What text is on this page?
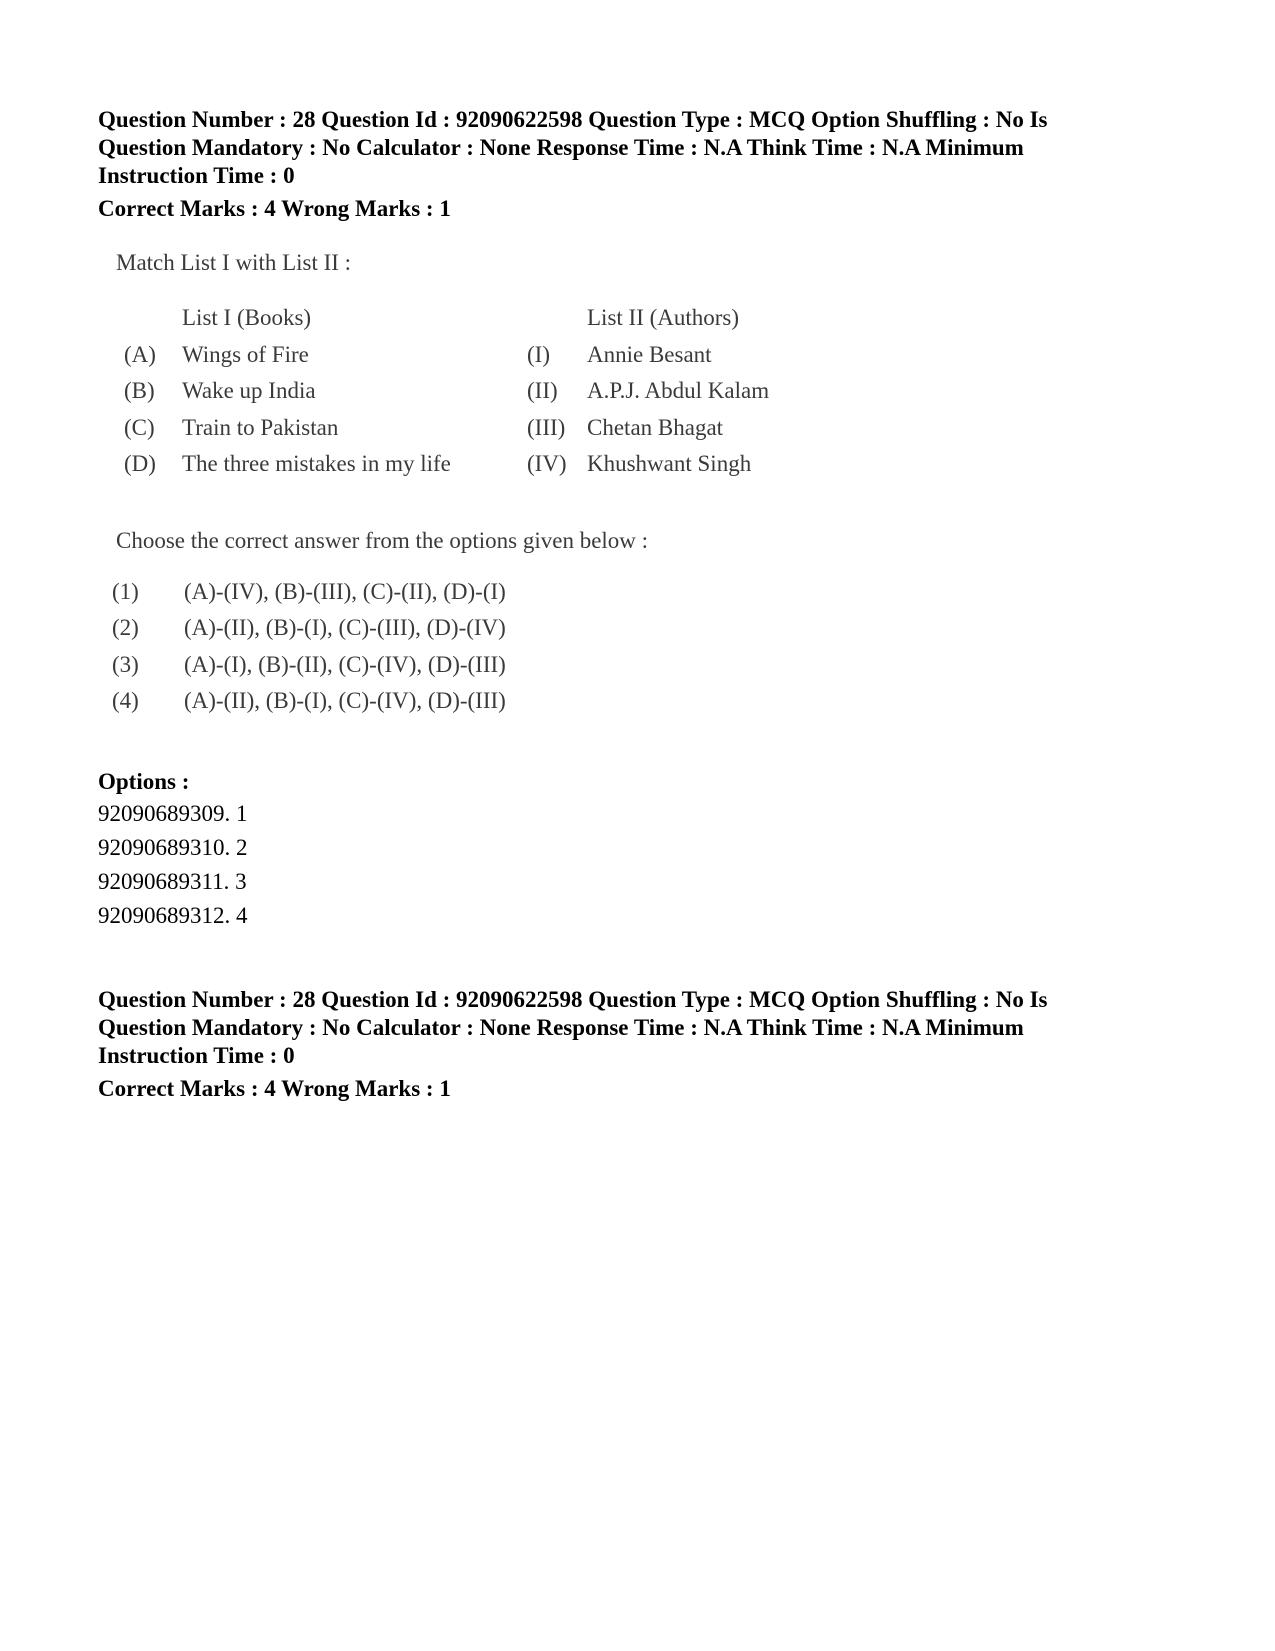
Question Number : 28 Question Id : 92090622598 Question Type : MCQ Option Shuffling : No Is
Question Mandatory : No Calculator : None Response Time : N.A Think Time : N.A Minimum
Instruction Time : 0
Correct Marks : 4 Wrong Marks : 1
Match List I with List II :
List I (Books)	List II (Authors)
(A) Wings of Fire	(I) Annie Besant
(B) Wake up India	(II) A.P.J. Abdul Kalam
(C) Train to Pakistan	(III) Chetan Bhagat
(D) The three mistakes in my life	(IV) Khushwant Singh
Choose the correct answer from the options given below :
(1) (A)-(IV), (B)-(III), (C)-(II), (D)-(I)
(2) (A)-(II), (B)-(I), (C)-(III), (D)-(IV)
(3) (A)-(I), (B)-(II), (C)-(IV), (D)-(III)
(4) (A)-(II), (B)-(I), (C)-(IV), (D)-(III)
Options :
92090689309. 1
92090689310. 2
92090689311. 3
92090689312. 4
Question Number : 28 Question Id : 92090622598 Question Type : MCQ Option Shuffling : No Is
Question Mandatory : No Calculator : None Response Time : N.A Think Time : N.A Minimum
Instruction Time : 0
Correct Marks : 4 Wrong Marks : 1
